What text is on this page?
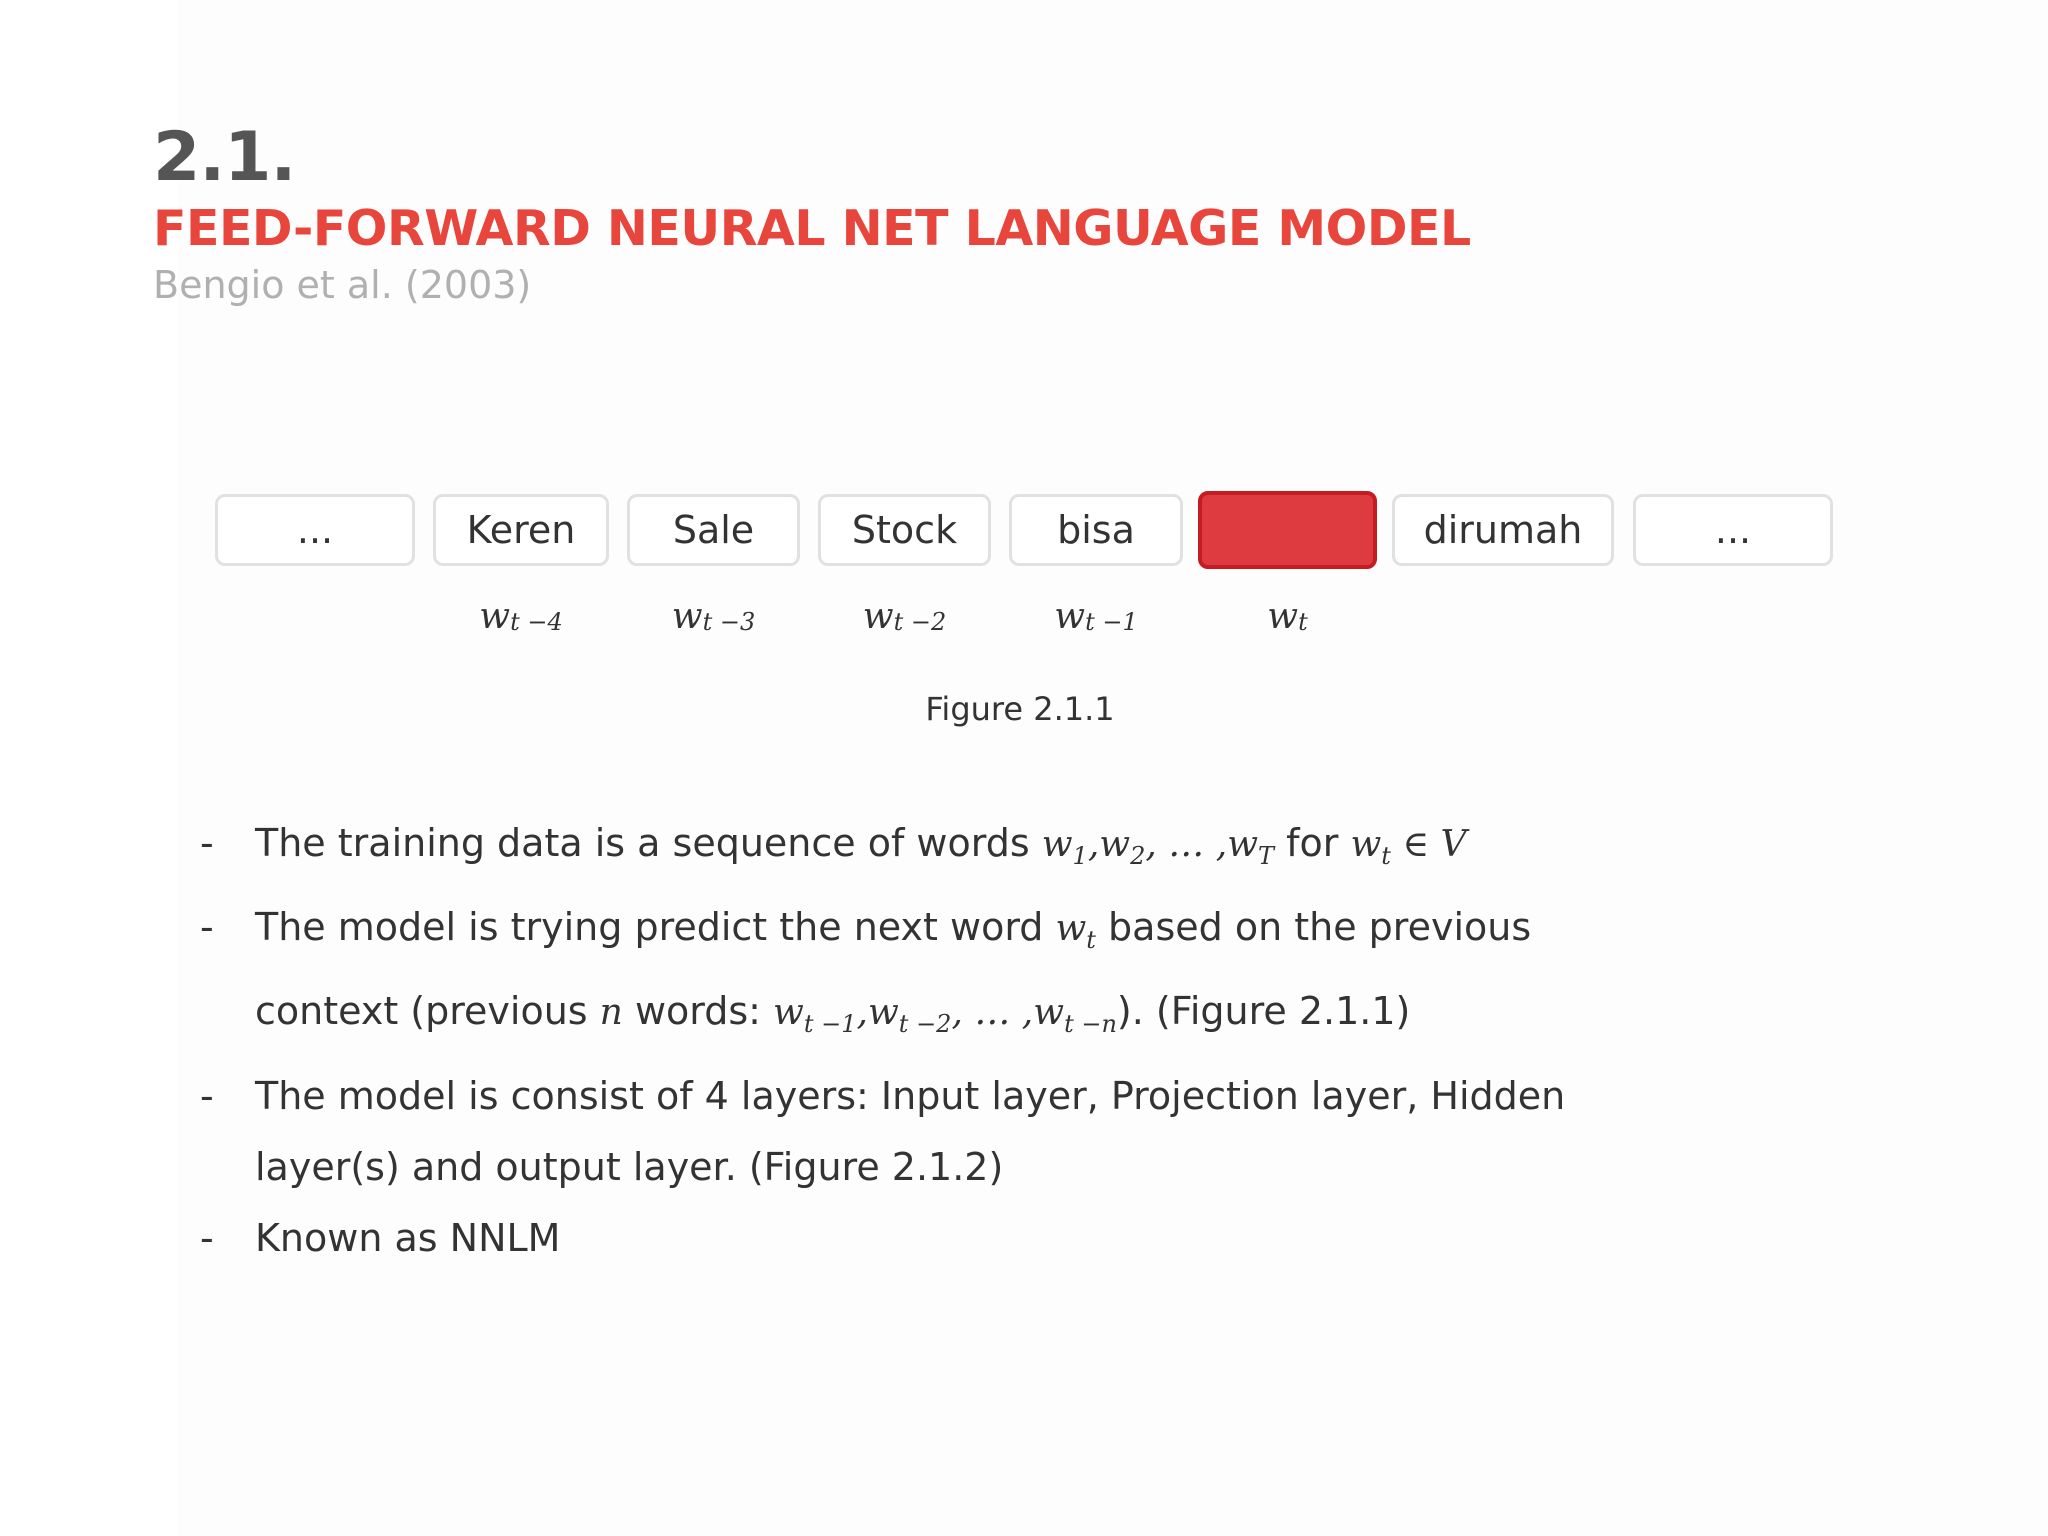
2.1.
FEED-FORWARD NEURAL NET LANGUAGE MODEL
Bengio et al. (2003)
...	Keren	Sale	Stock	bisa	dirumah	...
$w_{t -4}$	$w_{t -3}$	$w_{t -2}$	$w_{t -1}$	$w_t$
Figure 2.1.1
- The training data is a sequence of words $w_1,w_2$, … $,w_T$ for $w_t$ ∈ V
- The model is trying predict the next word $w_t$ based on the previous
context (previous n words: $w_{t -1},w_{t -2}$, … $,w_{t -n}$). (Figure 2.1.1)
- The model is consist of 4 layers: Input layer, Projection layer, Hidden
layer(s) and output layer. (Figure 2.1.2)
- Known as NNLM
